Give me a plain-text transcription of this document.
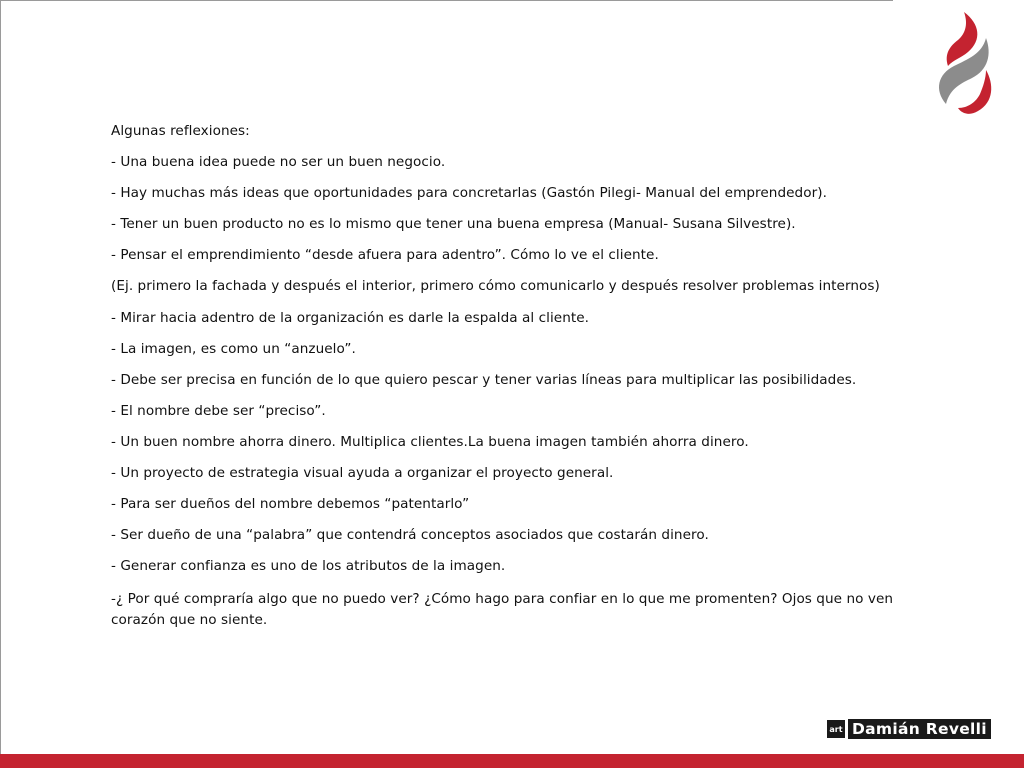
Algunas reflexiones:
- Una buena idea puede no ser un buen negocio.
- Hay muchas más ideas que oportunidades para concretarlas (Gastón Pilegi- Manual del emprendedor).
- Tener un buen producto no es lo mismo que tener una buena empresa (Manual- Susana Silvestre).
- Pensar el emprendimiento “desde afuera para adentro”. Cómo lo ve el cliente.
(Ej. primero la fachada y después el interior, primero cómo comunicarlo y después resolver problemas internos)
- Mirar hacia adentro de la organización es darle la espalda al cliente.
- La imagen, es como un “anzuelo”.
- Debe ser precisa en función de lo que quiero pescar y tener varias líneas para multiplicar las posibilidades.
- El nombre debe ser “preciso”.
- Un buen nombre ahorra dinero. Multiplica clientes.La buena imagen también ahorra dinero.
- Un proyecto de estrategia visual ayuda a organizar el proyecto general.
- Para ser dueños del nombre debemos “patentarlo”
- Ser dueño de una “palabra” que contendrá conceptos asociados que costarán dinero.
- Generar confianza es uno de los atributos de la imagen.
-¿ Por qué compraría algo que no puedo ver? ¿Cómo hago para confiar en lo que me promenten? Ojos que no ven corazón que no siente.
art Damián Revelli
